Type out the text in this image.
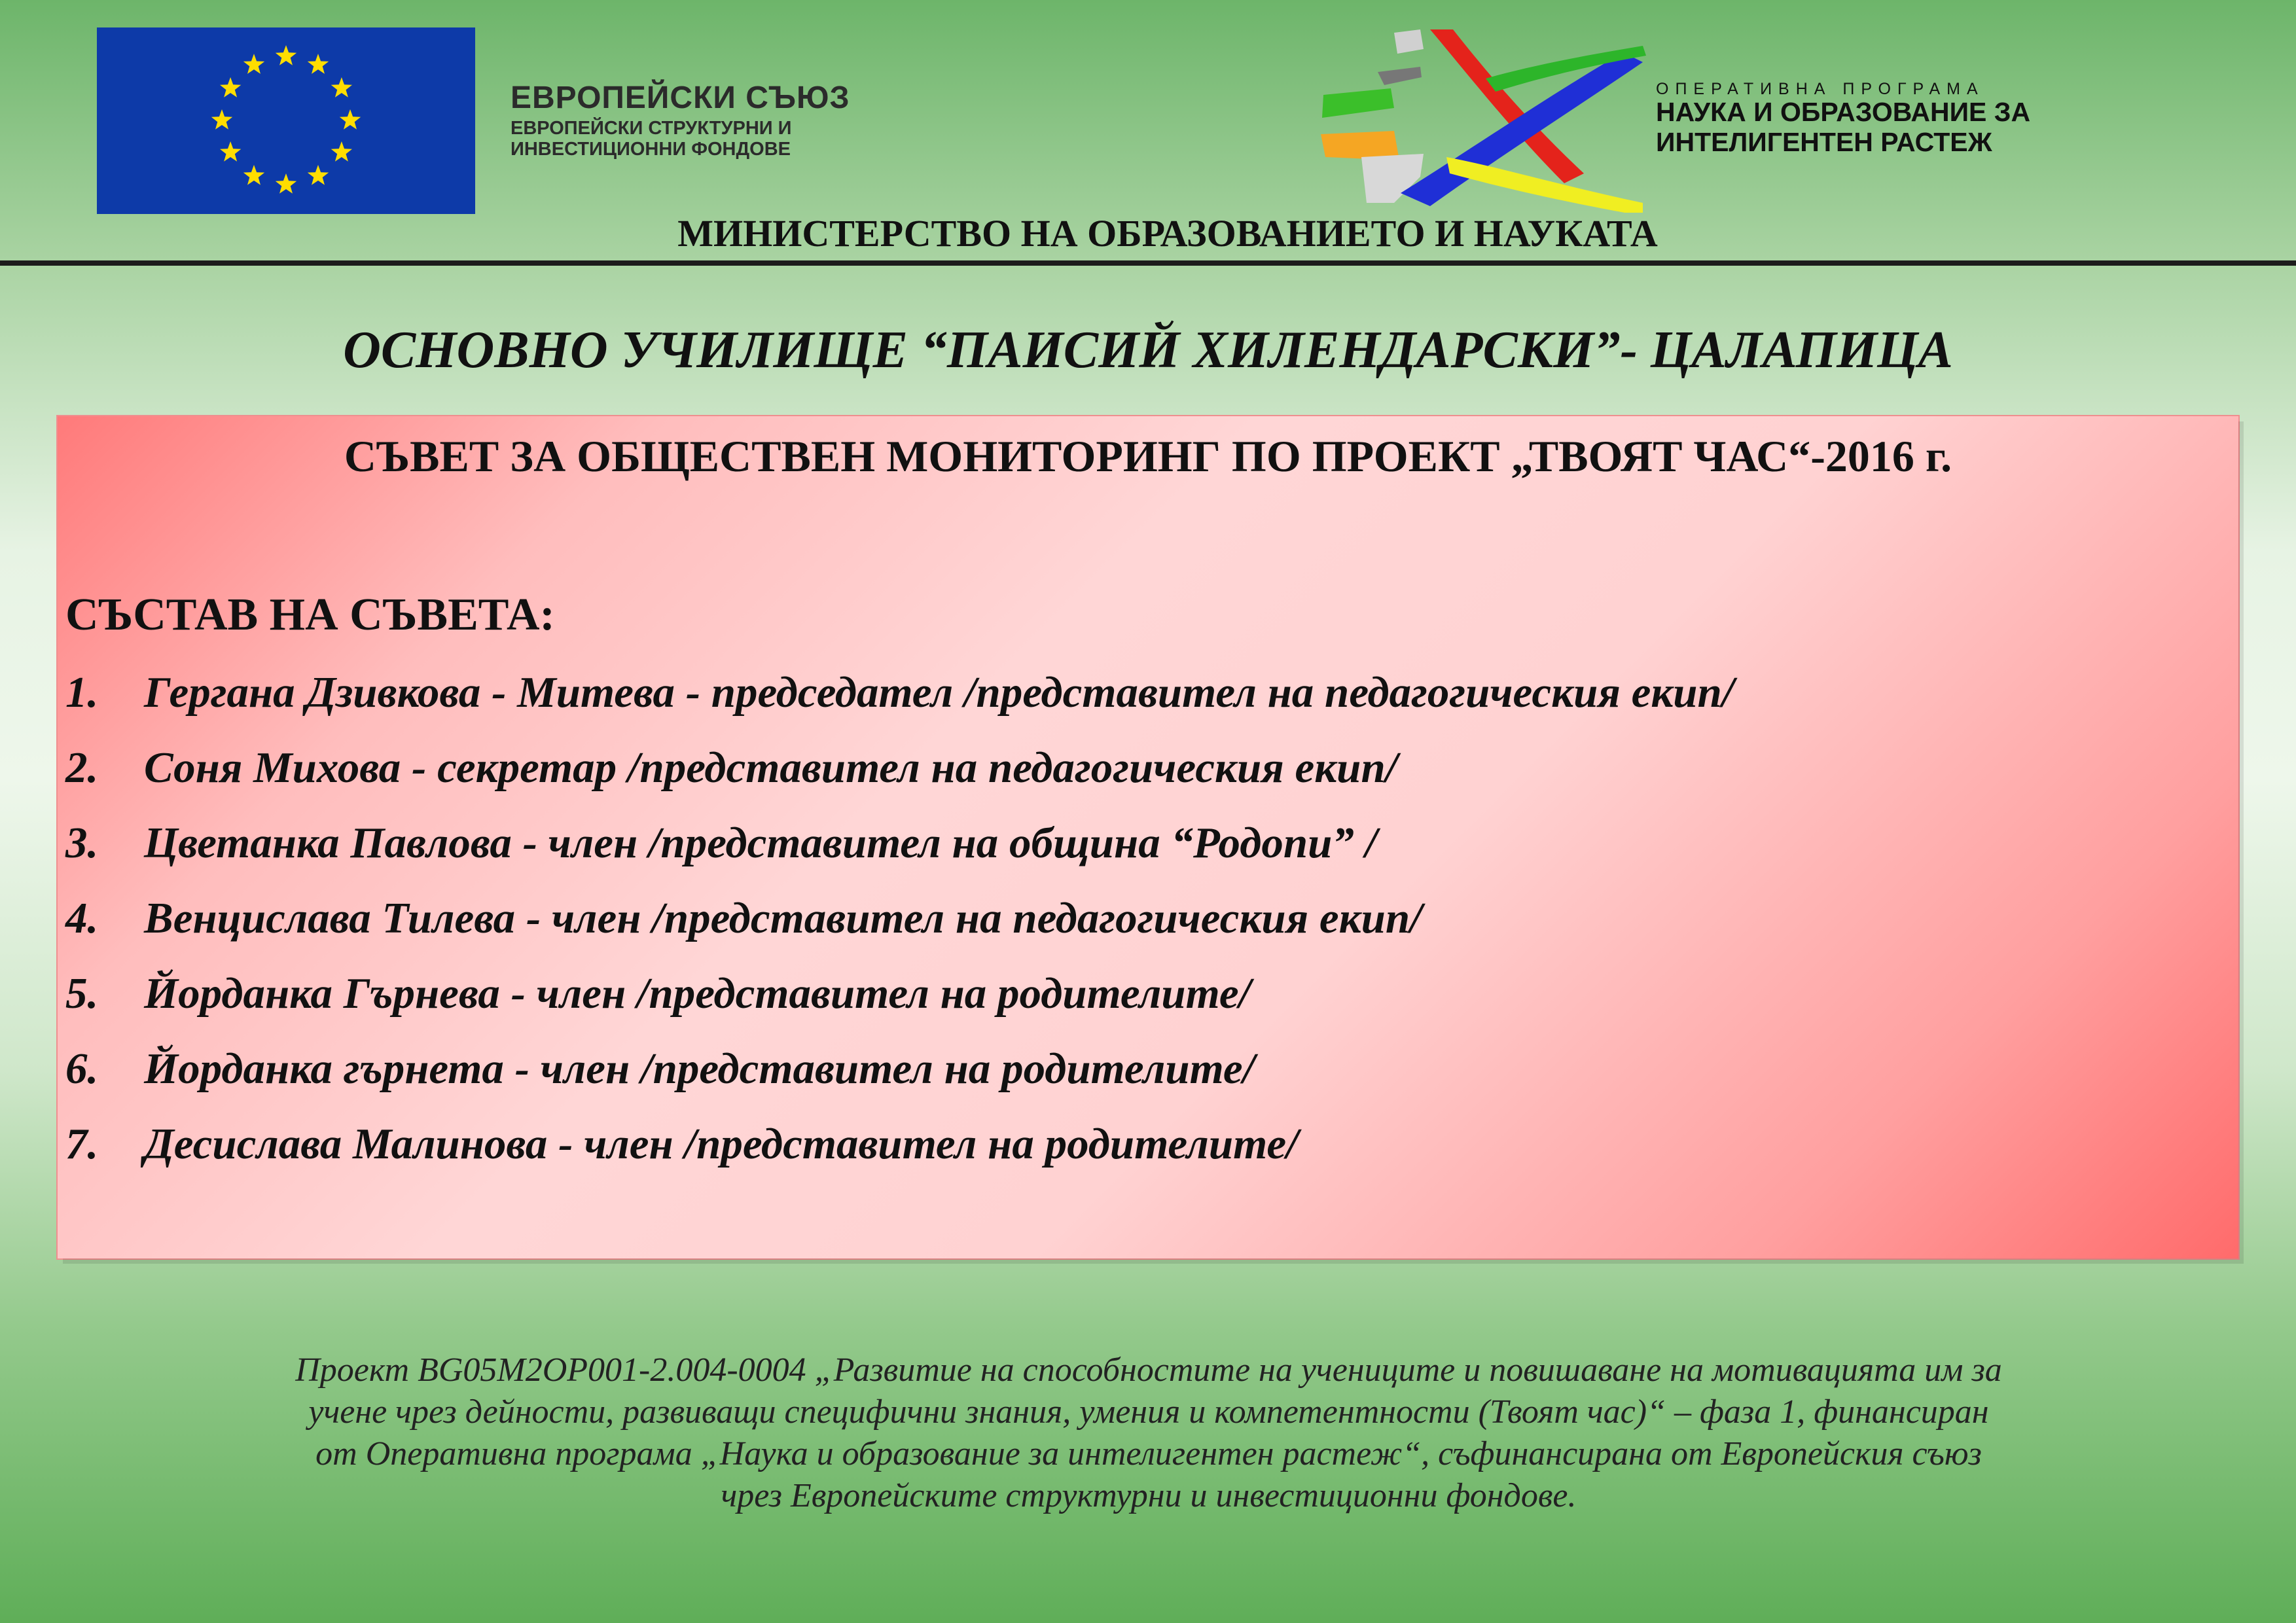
ЕВРОПЕЙСКИ СЪЮЗ
ЕВРОПЕЙСКИ СТРУКТУРНИ И
ИНВЕСТИЦИОННИ ФОНДОВЕ
ОПЕРАТИВНА ПРОГРАМА
НАУКА И ОБРАЗОВАНИЕ ЗА
ИНТЕЛИГЕНТЕН РАСТЕЖ
МИНИСТЕРСТВО НА ОБРАЗОВАНИЕТО И НАУКАТА
ОСНОВНО УЧИЛИЩЕ “ПАИСИЙ ХИЛЕНДАРСКИ”- ЦАЛАПИЦА
СЪВЕТ ЗА ОБЩЕСТВЕН МОНИТОРИНГ ПО ПРОЕКТ „ТВОЯТ ЧАС“-2016 г.
СЪСТАВ НА СЪВЕТА:
1. Гергана Дзивкова - Митева - председател /представител на педагогическия екип/
2. Соня Михова - секретар /представител на педагогическия екип/
3. Цветанка Павлова - член /представител на община “Родопи” /
4. Венцислава Тилева - член /представител на педагогическия екип/
5. Йорданка Гърнева - член /представител на родителите/
6. Йорданка гърнета - член /представител на родителите/
7. Десислава Малинова - член /представител на родителите/
Проект BG05M2OP001-2.004-0004 „Развитие на способностите на учениците и повишаване на мотивацията им за
учене чрез дейности, развиващи специфични знания, умения и компетентности (Твоят час)“ – фаза 1, финансиран
от Оперативна програма „Наука и образование за интелигентен растеж“, съфинансирана от Европейския съюз
чрез Европейските структурни и инвестиционни фондове.
